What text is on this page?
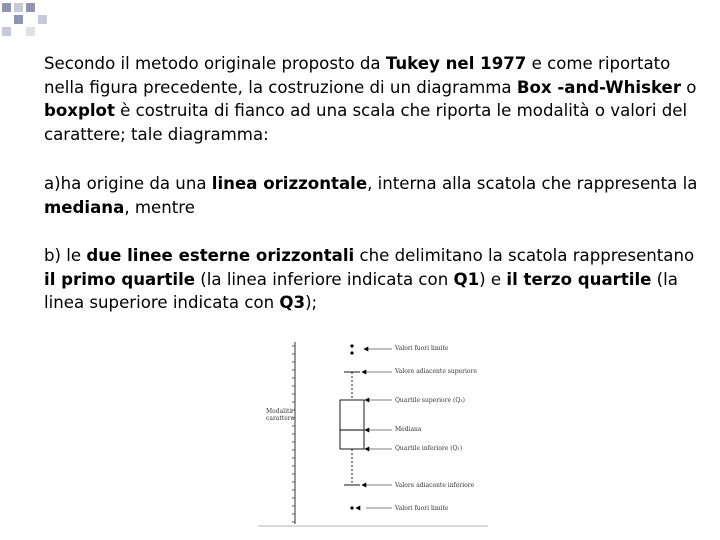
Secondo il metodo originale proposto da Tukey nel 1977 e come riportato nella figura precedente, la costruzione di un diagramma Box -and-Whisker o boxplot è costruita di fianco ad una scala che riporta le modalità o valori del carattere; tale diagramma:
a)ha origine da una linea orizzontale, interna alla scatola che rappresenta la mediana, mentre
b) le due linee esterne orizzontali che delimitano la scatola rappresentano il primo quartile (la linea inferiore indicata con Q1) e il terzo quartile (la linea superiore indicata con Q3);
Modalità
carattere
Valori fuori limite
Valore adiacente superiore
Quartile superiore (Q₃)
Mediana
Quartile inferiore (Q₁)
Valore adiacente inferiore
Valori fuori limite
